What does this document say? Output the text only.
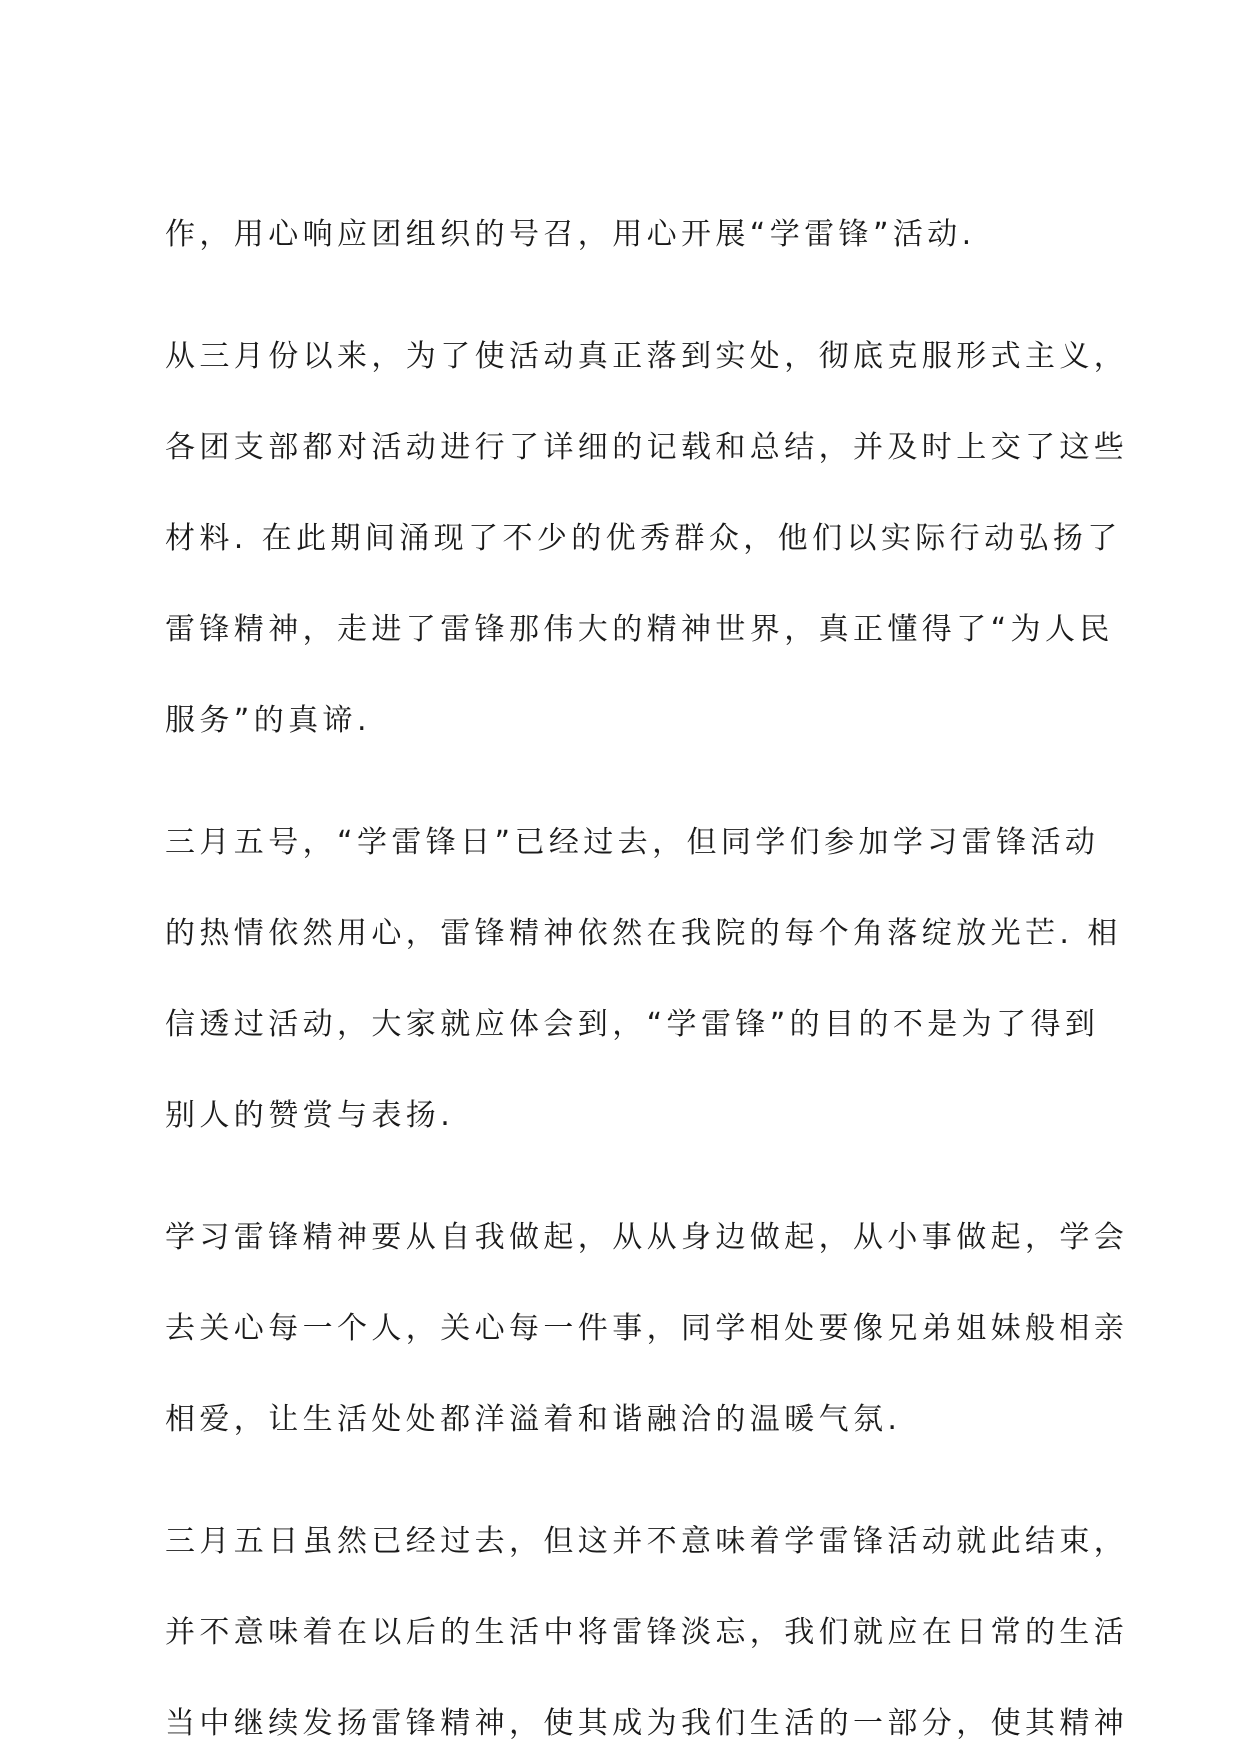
作，用心响应团组织的号召，用心开展“学雷锋”活动.
从三月份以来，为了使活动真正落到实处，彻底克服形式主义，
各团支部都对活动进行了详细的记载和总结，并及时上交了这些
材料. 在此期间涌现了不少的优秀群众，他们以实际行动弘扬了
雷锋精神，走进了雷锋那伟大的精神世界，真正懂得了“为人民
服务”的真谛.
三月五号，“学雷锋日”已经过去，但同学们参加学习雷锋活动
的热情依然用心，雷锋精神依然在我院的每个角落绽放光芒. 相
信透过活动，大家就应体会到，“学雷锋”的目的不是为了得到
别人的赞赏与表扬.
学习雷锋精神要从自我做起，从从身边做起，从小事做起，学会
去关心每一个人，关心每一件事，同学相处要像兄弟姐妹般相亲
相爱，让生活处处都洋溢着和谐融洽的温暖气氛.
三月五日虽然已经过去，但这并不意味着学雷锋活动就此结束，
并不意味着在以后的生活中将雷锋淡忘，我们就应在日常的生活
当中继续发扬雷锋精神，使其成为我们生活的一部分，使其精神
